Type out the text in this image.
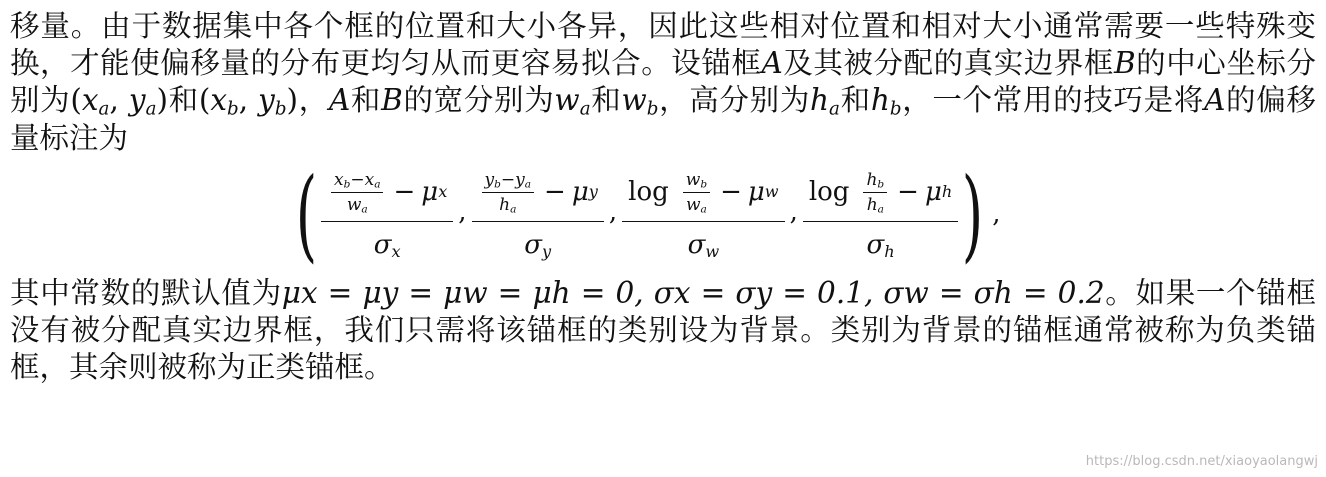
移量。由于数据集中各个框的位置和大小各异，因此这些相对位置和相对大小通常需要一些特殊变换，才能使偏移量的分布更均匀从而更容易拟合。设锚框A及其被分配的真实边界框B的中心坐标分别为($x_a$, $y_a$)和($x_b$, $y_b$)，A和B的宽分别为$w_a$和$w_b$，高分别为$h_a$和$h_b$，一个常用的技巧是将A的偏移量标注为
( $x_b-x_a$
$w_a$
− μ x
$\sigma_x$
,
$y_b-y_a$
$h_a$
− μ y
$\sigma_y$
,
$\log w_b$
$w_a$
− μ w
$\sigma_w$
,
$\log h_b$
$h_a$
− μ h
$\sigma_h$ ) ,
其中常数的默认值为μx = μy = μw = μh = 0, σx = σy = 0.1, σw = σh = 0.2。如果一个锚框没有被分配真实边界框，我们只需将该锚框的类别设为背景。类别为背景的锚框通常被称为负类锚框，其余则被称为正类锚框。
https://blog.csdn.net/xiaoyaolangwj
